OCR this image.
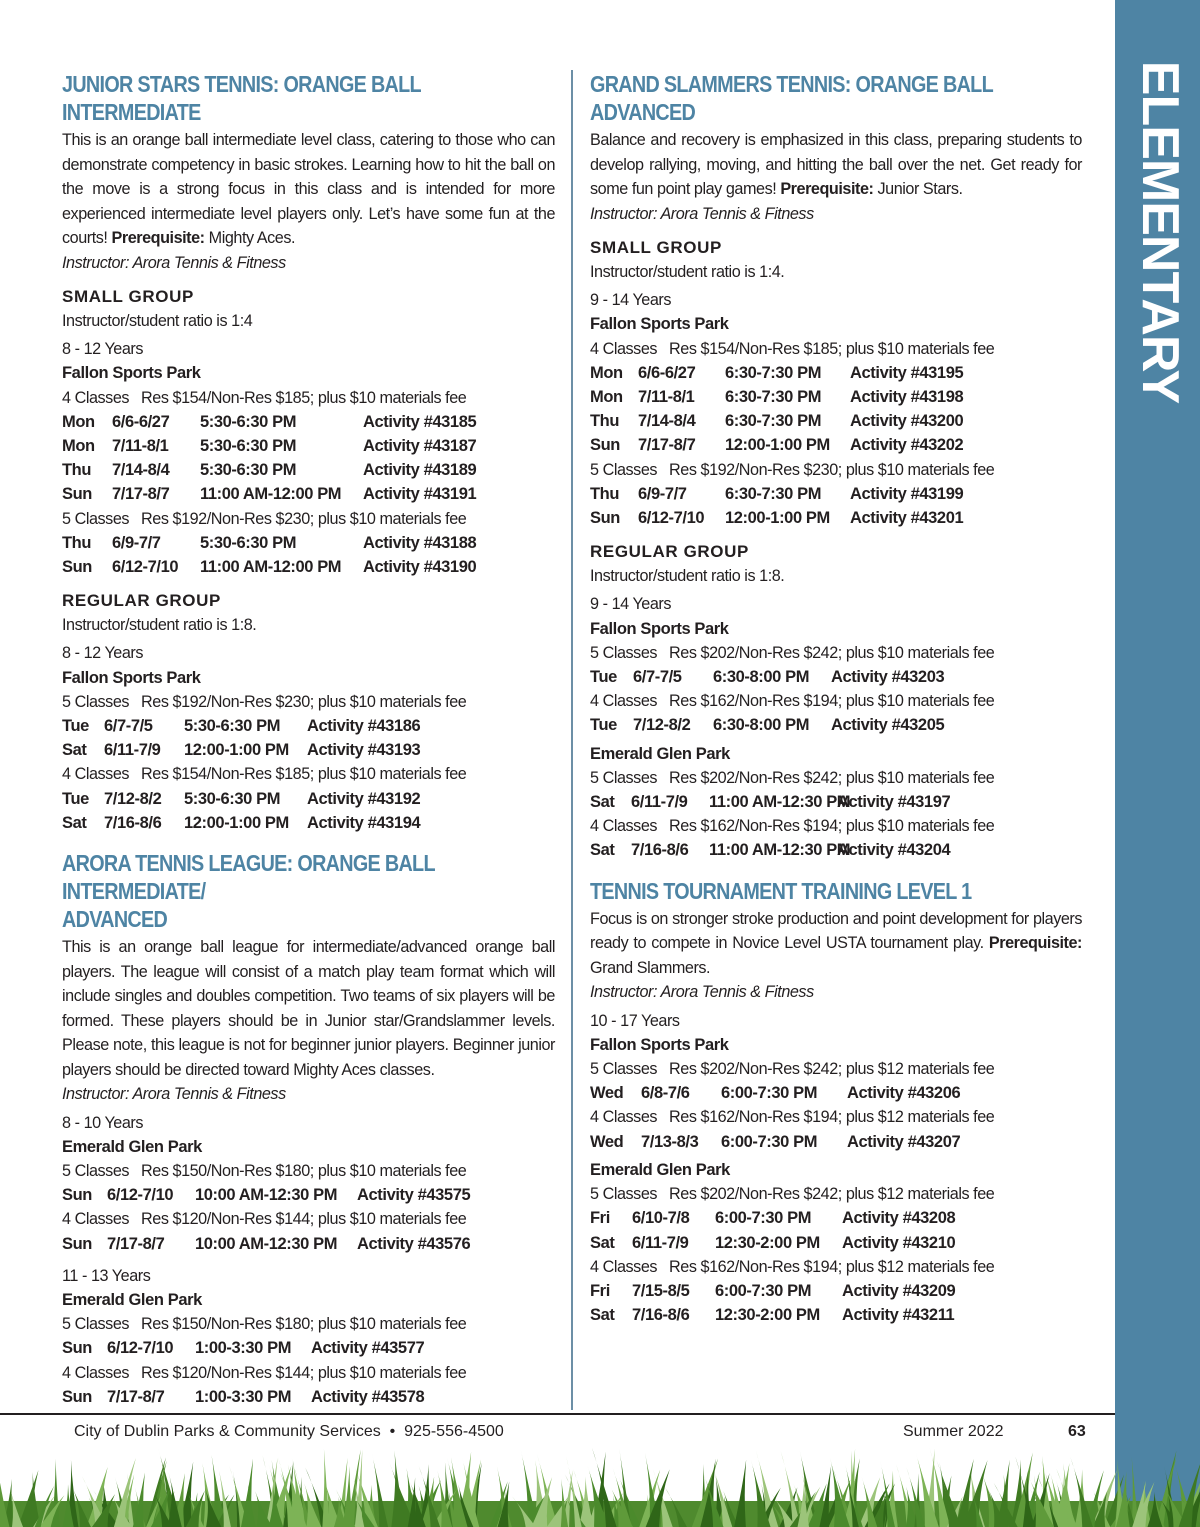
ELEMENTARY
JUNIOR STARS TENNIS: ORANGE BALL INTERMEDIATE
This is an orange ball intermediate level class, catering to those who can demonstrate competency in basic strokes. Learning how to hit the ball on the move is a strong focus in this class and is intended for more experienced intermediate level players only. Let’s have some fun at the courts! Prerequisite: Mighty Aces.
Instructor: Arora Tennis & Fitness
SMALL GROUP
Instructor/student ratio is 1:4
8 - 12 Years
Fallon Sports Park
4 Classes Res $154/Non-Res $185; plus $10 materials fee
Mon 6/6-6/27 5:30-6:30 PM	Activity #43185
Mon 7/11-8/1 5:30-6:30 PM	Activity #43187
Thu 7/14-8/4 5:30-6:30 PM	Activity #43189
Sun 7/17-8/7 11:00 AM-12:00 PM Activity #43191
5 Classes Res $192/Non-Res $230; plus $10 materials fee
Thu 6/9-7/7 5:30-6:30 PM	Activity #43188
Sun 6/12-7/10 11:00 AM-12:00 PM Activity #43190
REGULAR GROUP
Instructor/student ratio is 1:8.
8 - 12 Years
Fallon Sports Park
5 Classes Res $192/Non-Res $230; plus $10 materials fee
Tue 6/7-7/5 5:30-6:30 PM Activity #43186
Sat 6/11-7/9 12:00-1:00 PM Activity #43193
4 Classes Res $154/Non-Res $185; plus $10 materials fee
Tue 7/12-8/2 5:30-6:30 PM Activity #43192
Sat 7/16-8/6 12:00-1:00 PM Activity #43194
ARORA TENNIS LEAGUE: ORANGE BALL INTERMEDIATE/
ADVANCED
This is an orange ball league for intermediate/advanced orange ball players. The league will consist of a match play team format which will include singles and doubles competition. Two teams of six players will be formed. These players should be in Junior star/Grandslammer levels. Please note, this league is not for beginner junior players. Beginner junior players should be directed toward Mighty Aces classes.
Instructor: Arora Tennis & Fitness
8 - 10 Years
Emerald Glen Park
5 Classes Res $150/Non-Res $180; plus $10 materials fee
Sun 6/12-7/10 10:00 AM-12:30 PM Activity #43575
4 Classes Res $120/Non-Res $144; plus $10 materials fee
Sun 7/17-8/7 10:00 AM-12:30 PM Activity #43576
11 - 13 Years
Emerald Glen Park
5 Classes Res $150/Non-Res $180; plus $10 materials fee
Sun 6/12-7/10 1:00-3:30 PM Activity #43577
4 Classes Res $120/Non-Res $144; plus $10 materials fee
Sun 7/17-8/7 1:00-3:30 PM Activity #43578
GRAND SLAMMERS TENNIS: ORANGE BALL ADVANCED
Balance and recovery is emphasized in this class, preparing students to develop rallying, moving, and hitting the ball over the net. Get ready for some fun point play games! Prerequisite: Junior Stars.
Instructor: Arora Tennis & Fitness
SMALL GROUP
Instructor/student ratio is 1:4.
9 - 14 Years
Fallon Sports Park
4 Classes Res $154/Non-Res $185; plus $10 materials fee
Mon 6/6-6/27 6:30-7:30 PM Activity #43195
Mon 7/11-8/1 6:30-7:30 PM Activity #43198
Thu 7/14-8/4 6:30-7:30 PM Activity #43200
Sun 7/17-8/7 12:00-1:00 PM Activity #43202
5 Classes Res $192/Non-Res $230; plus $10 materials fee
Thu 6/9-7/7 6:30-7:30 PM Activity #43199
Sun 6/12-7/10 12:00-1:00 PM Activity #43201
REGULAR GROUP
Instructor/student ratio is 1:8.
9 - 14 Years
Fallon Sports Park
5 Classes Res $202/Non-Res $242; plus $10 materials fee
Tue 6/7-7/5 6:30-8:00 PM Activity #43203
4 Classes Res $162/Non-Res $194; plus $10 materials fee
Tue 7/12-8/2 6:30-8:00 PM Activity #43205
Emerald Glen Park
5 Classes Res $202/Non-Res $242; plus $10 materials fee
Sat 6/11-7/9 11:00 AM-12:30 PMActivity #43197
4 Classes Res $162/Non-Res $194; plus $10 materials fee
Sat 7/16-8/6 11:00 AM-12:30 PMActivity #43204
TENNIS TOURNAMENT TRAINING LEVEL 1
Focus is on stronger stroke production and point development for players ready to compete in Novice Level USTA tournament play. Prerequisite: Grand Slammers.
Instructor: Arora Tennis & Fitness
10 - 17 Years
Fallon Sports Park
5 Classes Res $202/Non-Res $242; plus $12 materials fee
Wed 6/8-7/6 6:00-7:30 PM Activity #43206
4 Classes Res $162/Non-Res $194; plus $12 materials fee
Wed 7/13-8/3 6:00-7:30 PM Activity #43207
Emerald Glen Park
5 Classes Res $202/Non-Res $242; plus $12 materials fee
Fri 6/10-7/8 6:00-7:30 PM Activity #43208
Sat 6/11-7/9 12:30-2:00 PM Activity #43210
4 Classes Res $162/Non-Res $194; plus $12 materials fee
Fri 7/15-8/5 6:00-7:30 PM Activity #43209
Sat 7/16-8/6 12:30-2:00 PM Activity #43211
City of Dublin Parks & Community Services • 925-556-4500	Summer 2022	63
